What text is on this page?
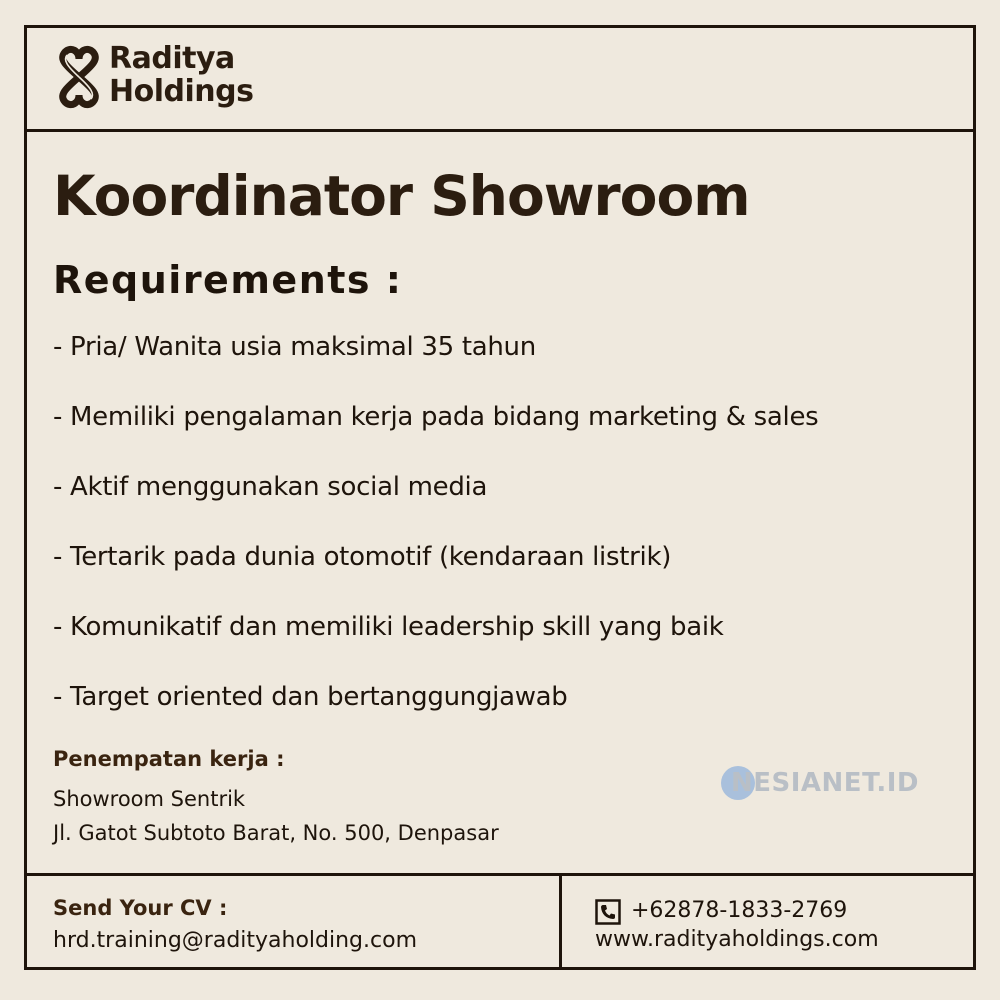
Raditya
Holdings
Koordinator Showroom
Requirements :
- Pria/ Wanita usia maksimal 35 tahun
- Memiliki pengalaman kerja pada bidang marketing & sales
- Aktif menggunakan social media
- Tertarik pada dunia otomotif (kendaraan listrik)
- Komunikatif dan memiliki leadership skill yang baik
- Target oriented dan bertanggungjawab
Penempatan kerja :
Showroom Sentrik
Jl. Gatot Subtoto Barat, No. 500, Denpasar
NESIANET.ID
Send Your CV :
hrd.training@radityaholding.com
+62878-1833-2769
www.radityaholdings.com
